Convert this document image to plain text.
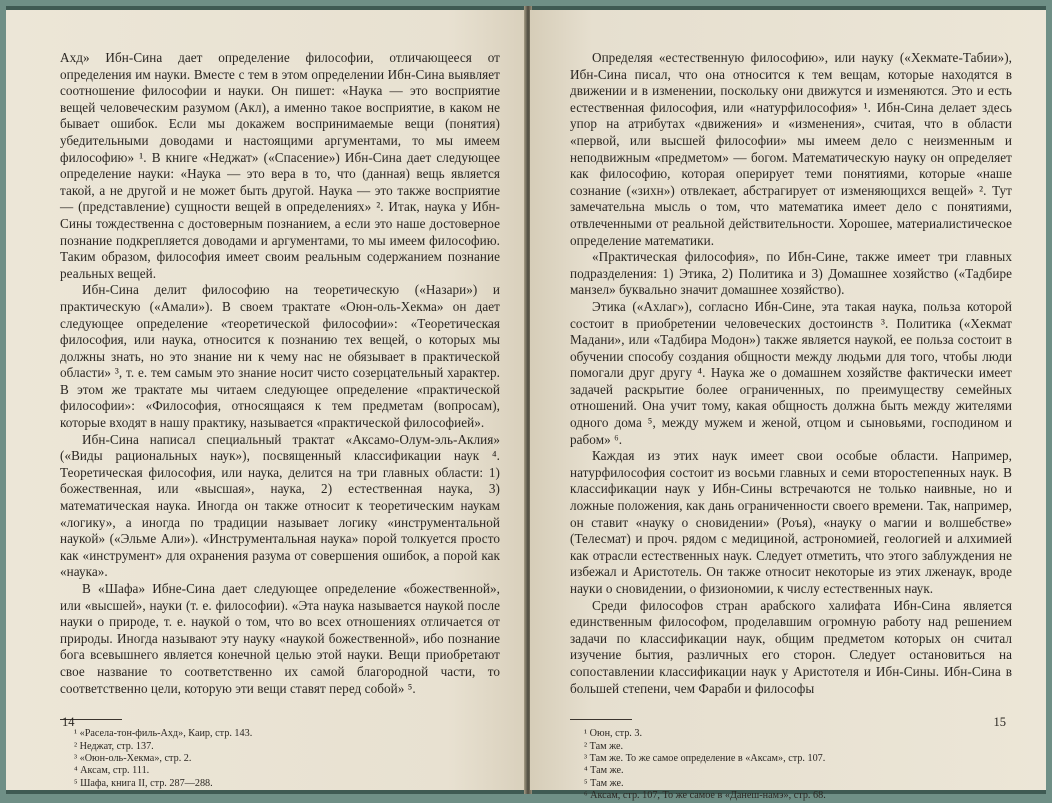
Ахд» Ибн-Сина дает определение философии, отличающееся от определения им науки. Вместе с тем в этом определении Ибн-Сина выявляет соотношение философии и науки. Он пишет: «Наука — это восприятие вещей человеческим разумом (Акл), а именно такое восприятие, в каком не бывает ошибок. Если мы докажем воспринимаемые вещи (понятия) убедительными доводами и настоящими аргументами, то мы имеем философию» ¹. В книге «Неджат» («Спасение») Ибн-Сина дает следующее определение науки: «Наука — это вера в то, что (данная) вещь является такой, а не другой и не может быть другой. Наука — это также восприятие — (представление) сущности вещей в определениях» ². Итак, наука у Ибн-Сины тождественна с достоверным познанием, а если это наше достоверное познание подкрепляется доводами и аргументами, то мы имеем философию. Таким образом, философия имеет своим реальным содержанием познание реальных вещей.

Ибн-Сина делит философию на теоретическую («Назари») и практическую («Амали»). В своем трактате «Оюн-оль-Хекма» он дает следующее определение «теоретической философии»: «Теоретическая философия, или наука, относится к познанию тех вещей, о которых мы должны знать, но это знание ни к чему нас не обязывает в практической области» ³, т. е. тем самым это знание носит чисто созерцательный характер. В этом же трактате мы читаем следующее определение «практической философии»: «Философия, относящаяся к тем предметам (вопросам), которые входят в нашу практику, называется «практической философией».

Ибн-Сина написал специальный трактат «Аксамо-Олум-эль-Аклия» («Виды рациональных наук»), посвященный классификации наук ⁴. Теоретическая философия, или наука, делится на три главных области: 1) божественная, или «высшая», наука, 2) естественная наука, 3) математическая наука. Иногда он также относит к теоретическим наукам «логику», а иногда по традиции называет логику «инструментальной наукой» («Эльме Али»). «Инструментальная наука» порой толкуется просто как «инструмент» для охранения разума от совершения ошибок, а порой как «наука».

В «Шафа» Ибне-Сина дает следующее определение «божественной», или «высшей», науки (т. е. философии). «Эта наука называется наукой после науки о природе, т. е. наукой о том, что во всех отношениях отличается от природы. Иногда называют эту науку «наукой божественной», ибо познание бога всевышнего является конечной целью этой науки. Вещи приобретают свое название то соответственно их самой благородной части, то соответственно цели, которую эти вещи ставят перед собой» ⁵.

¹ «Расела-тон-филь-Ахд», Каир, стр. 143.

² Неджат, стр. 137.

³ «Оюн-оль-Хекма», стр. 2.

⁴ Аксам, стр. 111.

⁵ Шафа, книга II, стр. 287—288.

14

Определяя «естественную философию», или науку («Хекмате-Табии»), Ибн-Сина писал, что она относится к тем вещам, которые находятся в движении и в изменении, поскольку они движутся и изменяются. Это и есть естественная философия, или «натурфилософия» ¹. Ибн-Сина делает здесь упор на атрибутах «движения» и «изменения», считая, что в области «первой, или высшей философии» мы имеем дело с неизменным и неподвижным «предметом» — богом. Математическую науку он определяет как философию, которая оперирует теми понятиями, которые «наше сознание («зихн») отвлекает, абстрагирует от изменяющихся вещей» ². Тут замечательна мысль о том, что математика имеет дело с понятиями, отвлеченными от реальной действительности. Хорошее, материалистическое определение математики.

«Практическая философия», по Ибн-Сине, также имеет три главных подразделения: 1) Этика, 2) Политика и 3) Домашнее хозяйство («Тадбире манзел» буквально значит домашнее хозяйство).

Этика («Ахлаг»), согласно Ибн-Сине, эта такая наука, польза которой состоит в приобретении человеческих достоинств ³. Политика («Хекмат Мадани», или «Тадбира Модон») также является наукой, ее польза состоит в обучении способу создания общности между людьми для того, чтобы люди помогали друг другу ⁴. Наука же о домашнем хозяйстве фактически имеет задачей раскрытие более ограниченных, по преимуществу семейных отношений. Она учит тому, какая общность должна быть между жителями одного дома ⁵, между мужем и женой, отцом и сыновьями, господином и рабом» ⁶.

Каждая из этих наук имеет свои особые области. Например, натурфилософия состоит из восьми главных и семи второстепенных наук. В классификации наук у Ибн-Сины встречаются не только наивные, но и ложные положения, как дань ограниченности своего времени. Так, например, он ставит «науку о сновидении» (Роъя), «науку о магии и волшебстве» (Телесмат) и проч. рядом с медициной, астрономией, геологией и алхимией как отрасли естественных наук. Следует отметить, что этого заблуждения не избежал и Аристотель. Он также относит некоторые из этих лженаук, вроде науки о сновидении, о физиономии, к числу естественных наук.

Среди философов стран арабского халифата Ибн-Сина является единственным философом, проделавшим огромную работу над решением задачи по классификации наук, общим предметом которых он считал изучение бытия, различных его сторон. Следует остановиться на сопоставлении классификации наук у Аристотеля и Ибн-Сины. Ибн-Сина в большей степени, чем Фараби и философы

¹ Оюн, стр. 3.

² Там же.

³ Там же. То же самое определение в «Аксам», стр. 107.

⁴ Там же.

⁵ Там же.

⁶ Аксам, стр. 107, То же самое в «Данеш-намэ», стр. 68.

15
